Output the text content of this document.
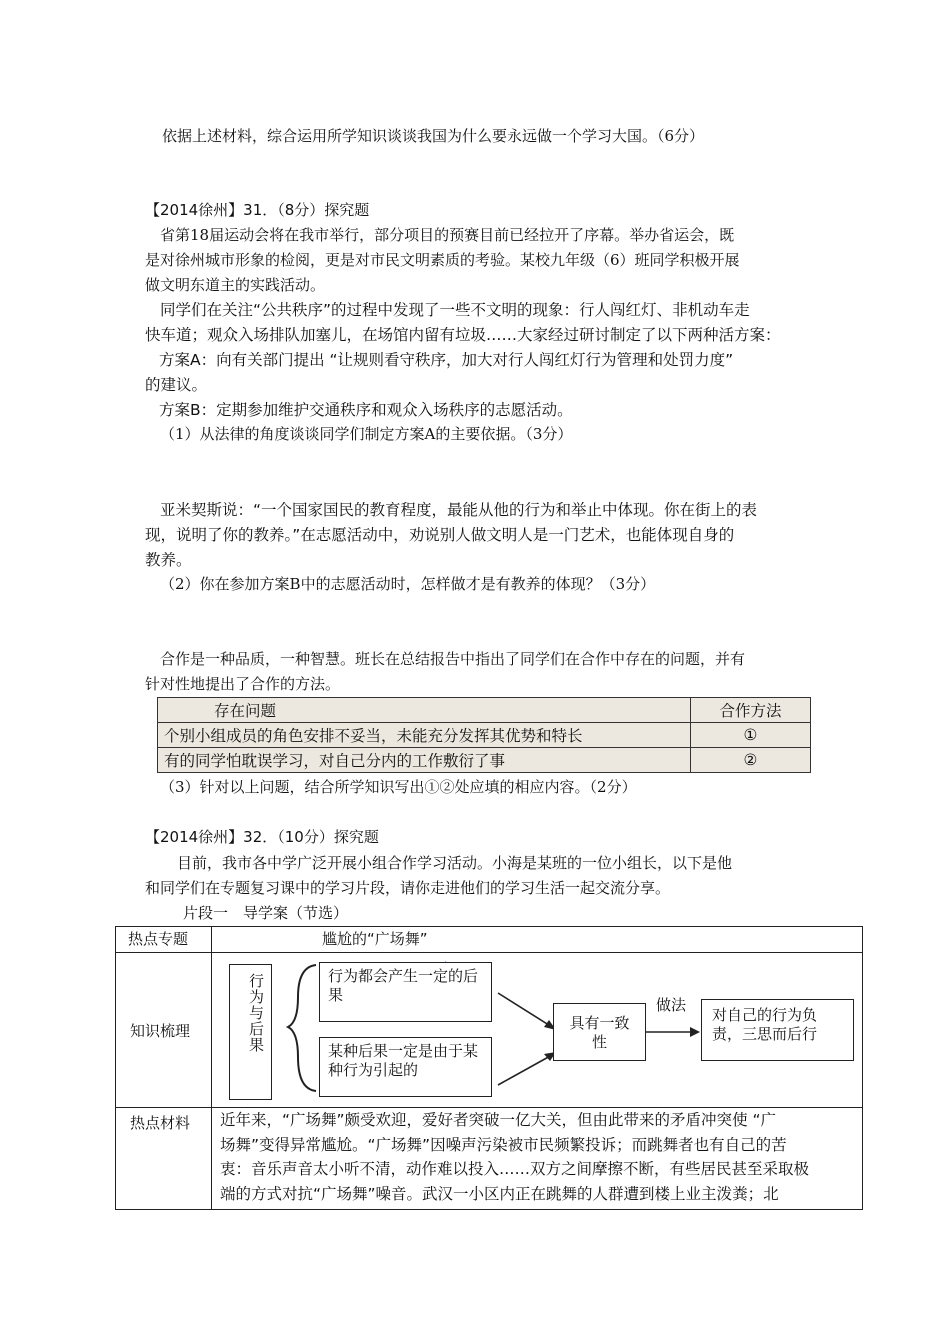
依据上述材料，综合运用所学知识谈谈我国为什么要永远做一个学习大国。（6分）
【2014徐州】31．（8分）探究题
省第18届运动会将在我市举行，部分项目的预赛目前已经拉开了序幕。举办省运会，既
是对徐州城市形象的检阅，更是对市民文明素质的考验。某校九年级（6）班同学积极开展
做文明东道主的实践活动。
同学们在关注“公共秩序”的过程中发现了一些不文明的现象：行人闯红灯、非机动车走
快车道；观众入场排队加塞儿，在场馆内留有垃圾……大家经过研讨制定了以下两种活方案：
方案A：向有关部门提出 “让规则看守秩序，加大对行人闯红灯行为管理和处罚力度”
的建议。
方案B：定期参加维护交通秩序和观众入场秩序的志愿活动。
（1）从法律的角度谈谈同学们制定方案A的主要依据。（3分）
亚米契斯说：“一个国家国民的教育程度，最能从他的行为和举止中体现。你在街上的表
现，说明了你的教养。”在志愿活动中，劝说别人做文明人是一门艺术，也能体现自身的
教养。
（2）你在参加方案B中的志愿活动时，怎样做才是有教养的体现？（3分）
合作是一种品质，一种智慧。班长在总结报告中指出了同学们在合作中存在的问题，并有
针对性地提出了合作的方法。
存在问题	合作方法
个别小组成员的角色安排不妥当，未能充分发挥其优势和特长	①
有的同学怕耽误学习，对自己分内的工作敷衍了事	②
（3）针对以上问题，结合所学知识写出①②处应填的相应内容。（2分）
【2014徐州】32．（10分）探究题
目前，我市各中学广泛开展小组合作学习活动。小海是某班的一位小组长，以下是他
和同学们在专题复习课中的学习片段，请你走进他们的学习生活一起交流分享。
片段一　导学案（节选）
热点专题	尴尬的“广场舞”
知识梳理	行为与后果	行为都会产生一定的后果
某种后果一定是由于某种行为引起的
具有一致性
做法
对自己的行为负责，三思而后行
热点材料 近年来，“广场舞”颇受欢迎，爱好者突破一亿大关，但由此带来的矛盾冲突使 “广
场舞”变得异常尴尬。“广场舞”因噪声污染被市民频繁投诉；而跳舞者也有自己的苦
衷：音乐声音太小听不清，动作难以投入……双方之间摩擦不断，有些居民甚至采取极
端的方式对抗“广场舞”噪音。武汉一小区内正在跳舞的人群遭到楼上业主泼粪；北
